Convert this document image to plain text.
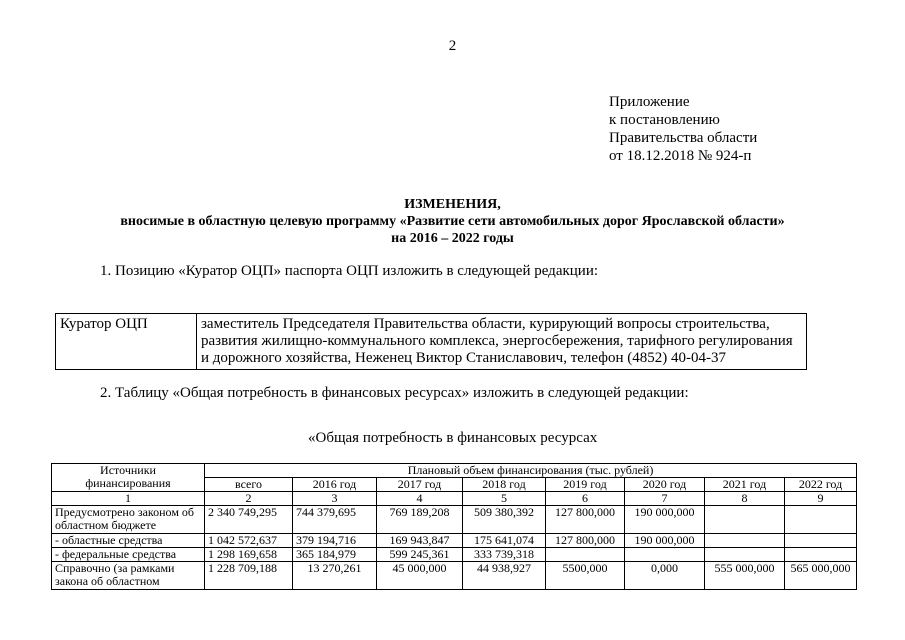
2
Приложение
к постановлению
Правительства области
от 18.12.2018 № 924-п
ИЗМЕНЕНИЯ,
вносимые в областную целевую программу «Развитие сети автомобильных дорог Ярославской области»
на 2016 – 2022 годы
1. Позицию «Куратор ОЦП» паспорта ОЦП изложить в следующей редакции:
Куратор ОЦП	заместитель Председателя Правительства области, курирующий вопросы строительства,
развития жилищно-коммунального комплекса, энергосбережения, тарифного регулирования
и дорожного хозяйства, Неженец Виктор Станиславович, телефон (4852) 40-04-37
2. Таблицу «Общая потребность в финансовых ресурсах» изложить в следующей редакции:
«Общая потребность в финансовых ресурсах
Источники
финансирования	Плановый объем финансирования (тыс. рублей)							
	всего	2016 год	2017 год	2018 год	2019 год	2020 год	2021 год	2022 год
1	2	3	4	5	6	7	8	9
Предусмотрено законом об областном бюджете	2 340 749,295	744 379,695	769 189,208	509 380,392	127 800,000	190 000,000		
- областные средства	1 042 572,637	379 194,716	169 943,847	175 641,074	127 800,000	190 000,000		
- федеральные средства	1 298 169,658	365 184,979	599 245,361	333 739,318				
Справочно (за рамками закона об областном	1 228 709,188	13 270,261	45 000,000	44 938,927	5500,000	0,000	555 000,000	565 000,000
